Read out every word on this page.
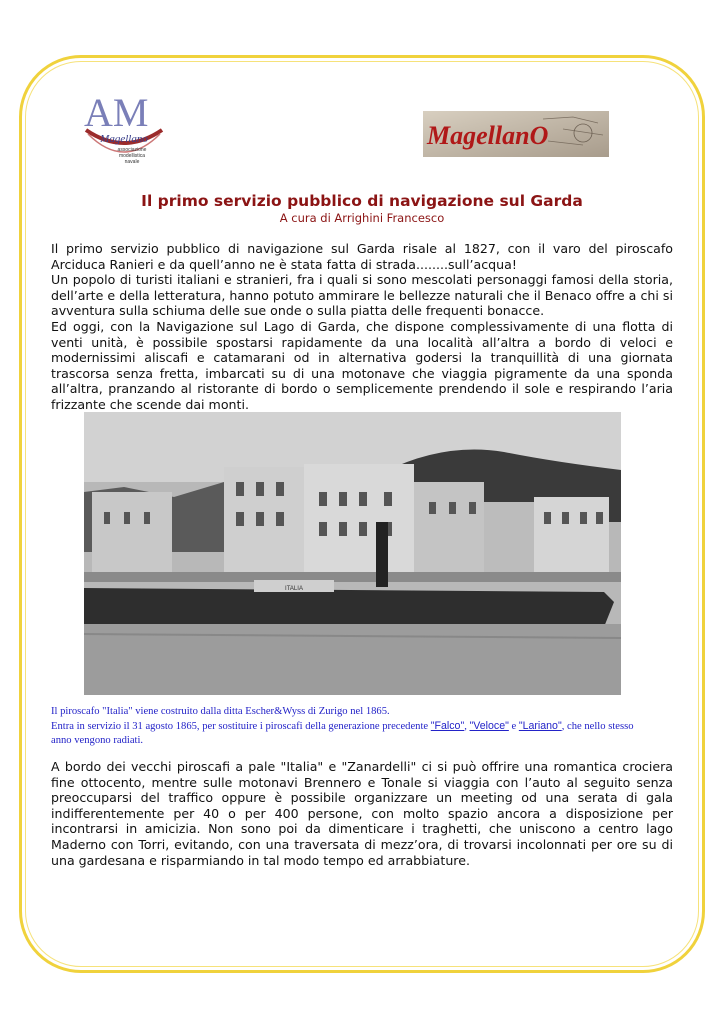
AM
Magellano
associazione
modellistica
navale
MagellanO
Il primo servizio pubblico di navigazione sul Garda

A cura di Arrighini Francesco

Il primo servizio pubblico di navigazione sul Garda risale al 1827, con il varo del piroscafo Arciduca Ranieri e da quell’anno ne è stata fatta di strada........sull’acqua!
Un popolo di turisti italiani e stranieri, fra i quali si sono mescolati personaggi famosi della storia, dell’arte e della letteratura, hanno potuto ammirare le bellezze naturali che il Benaco offre a chi si avventura sulla schiuma delle sue onde o sulla piatta delle frequenti bonacce.
Ed oggi, con la Navigazione sul Lago di Garda, che dispone complessivamente di una flotta di venti unità, è possibile spostarsi rapidamente da una località all’altra a bordo di veloci e modernissimi aliscafi e catamarani od in alternativa godersi la tranquillità di una giornata trascorsa senza fretta, imbarcati su di una motonave che viaggia pigramente da una sponda all’altra, pranzando al ristorante di bordo o semplicemente prendendo il sole e respirando l’aria frizzante che scende dai monti.
ITALIA

Il piroscafo "Italia" viene costruito dalla ditta Escher&Wyss di Zurigo nel 1865.
Entra in servizio il 31 agosto 1865, per sostituire i piroscafi della generazione precedente "Falco", "Veloce" e "Lariano", che nello stesso anno vengono radiati.

A bordo dei vecchi piroscafi a pale "Italia" e "Zanardelli" ci si può offrire una romantica crociera fine ottocento, mentre sulle motonavi Brennero e Tonale si viaggia con l’auto al seguito senza preoccuparsi del traffico oppure è possibile organizzare un meeting od una serata di gala indifferentemente per 40 o per 400 persone, con molto spazio ancora a disposizione per incontrarsi in amicizia. Non sono poi da dimenticare i traghetti, che uniscono a centro lago Maderno con Torri, evitando, con una traversata di mezz’ora, di trovarsi incolonnati per ore su di una gardesana e risparmiando in tal modo tempo ed arrabbiature.
